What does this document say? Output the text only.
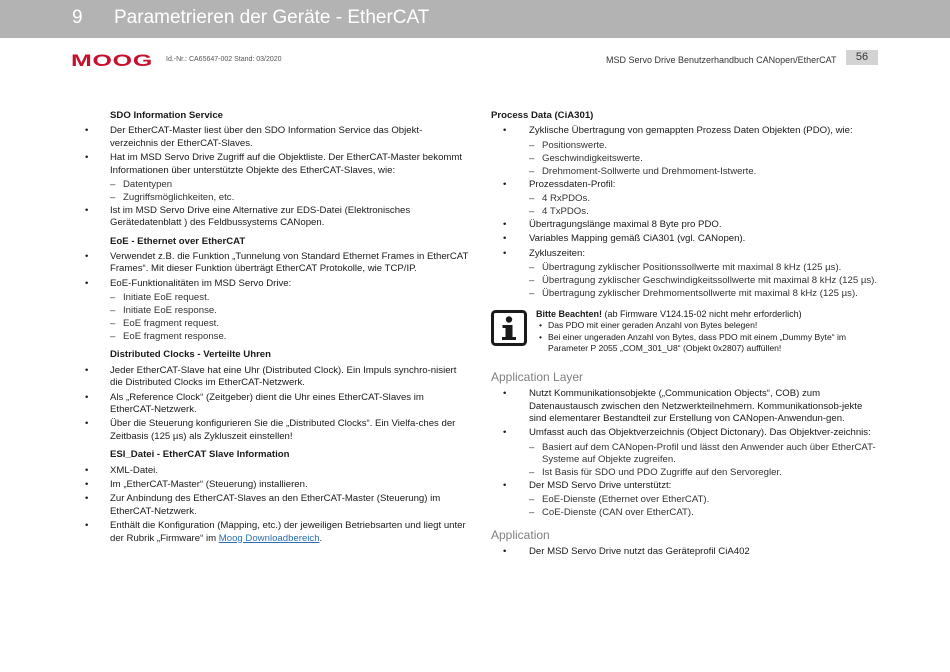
9 Parametrieren der Geräte - EtherCAT
MOOG Id.-Nr.: CA65647-002 Stand: 03/2020	MSD Servo Drive Benutzerhandbuch CANopen/EtherCAT	56
SDO Information Service
• Der EtherCAT-Master liest über den SDO Information Service das Objekt-verzeichnis der EtherCAT-Slaves.
• Hat im MSD Servo Drive Zugriff auf die Objektliste. Der EtherCAT-Master bekommt Informationen über unterstützte Objekte des EtherCAT-Slaves, wie:
– Datentypen
– Zugriffsmöglichkeiten, etc.
• Ist im MSD Servo Drive eine Alternative zur EDS-Datei (Elektronisches Gerätedatenblatt ) des Feldbussystems CANopen.
EoE - Ethernet over EtherCAT
• Verwendet z.B. die Funktion „Tunnelung von Standard Ethernet Frames in EtherCAT Frames“. Mit dieser Funktion überträgt EtherCAT Protokolle, wie TCP/IP.
• EoE-Funktionalitäten im MSD Servo Drive:
– Initiate EoE request.
– Initiate EoE response.
– EoE fragment request.
– EoE fragment response.
Distributed Clocks - Verteilte Uhren
• Jeder EtherCAT-Slave hat eine Uhr (Distributed Clock). Ein Impuls synchro-nisiert die Distributed Clocks im EtherCAT-Netzwerk.
• Als „Reference Clock“ (Zeitgeber) dient die Uhr eines EtherCAT-Slaves im EtherCAT-Netzwerk.
• Über die Steuerung konfigurieren Sie die „Distributed Clocks“. Ein Vielfa-ches der Zeitbasis (125 µs) als Zykluszeit einstellen!
ESI_Datei - EtherCAT Slave Information
• XML-Datei.
• Im „EtherCAT-Master“ (Steuerung) installieren.
• Zur Anbindung des EtherCAT-Slaves an den EtherCAT-Master (Steuerung) im EtherCAT-Netzwerk.
• Enthält die Konfiguration (Mapping, etc.) der jeweiligen Betriebsarten und liegt unter der Rubrik „Firmware“ im Moog Downloadbereich.
Process Data (CiA301)
• Zyklische Übertragung von gemappten Prozess Daten Objekten (PDO), wie:
– Positionswerte.
– Geschwindigkeitswerte.
– Drehmoment-Sollwerte und Drehmoment-Istwerte.
• Prozessdaten-Profil:
– 4 RxPDOs.
– 4 TxPDOs.
• Übertragungslänge maximal 8 Byte pro PDO.
• Variables Mapping gemäß CiA301 (vgl. CANopen).
• Zykluszeiten:
– Übertragung zyklischer Positionssollwerte mit maximal 8 kHz (125 µs).
– Übertragung zyklischer Geschwindigkeitssollwerte mit maximal 8 kHz (125 µs).
– Übertragung zyklischer Drehmomentsollwerte mit maximal 8 kHz (125 µs).
Bitte Beachten! (ab Firmware V124.15-02 nicht mehr erforderlich)
• Das PDO mit einer geraden Anzahl von Bytes belegen!
• Bei einer ungeraden Anzahl von Bytes, dass PDO mit einem „Dummy Byte“ im Parameter P 2055 „COM_301_U8“ (Objekt 0x2807) auffüllen!
Application Layer
• Nutzt Kommunikationsobjekte („Communication Objects“, COB) zum Datenaustausch zwischen den Netzwerkteilnehmern. Kommunikationsob-jekte sind elementarer Bestandteil zur Erstellung von CANopen-Anwendun-gen.
• Umfasst auch das Objektverzeichnis (Object Dictonary). Das Objektver-zeichnis:
– Basiert auf dem CANopen-Profil und lässt den Anwender auch über EtherCAT-Systeme auf Objekte zugreifen.
– Ist Basis für SDO und PDO Zugriffe auf den Servoregler.
• Der MSD Servo Drive unterstützt:
– EoE-Dienste (Ethernet over EtherCAT).
– CoE-Dienste (CAN over EtherCAT).
Application
• Der MSD Servo Drive nutzt das Geräteprofil CiA402
